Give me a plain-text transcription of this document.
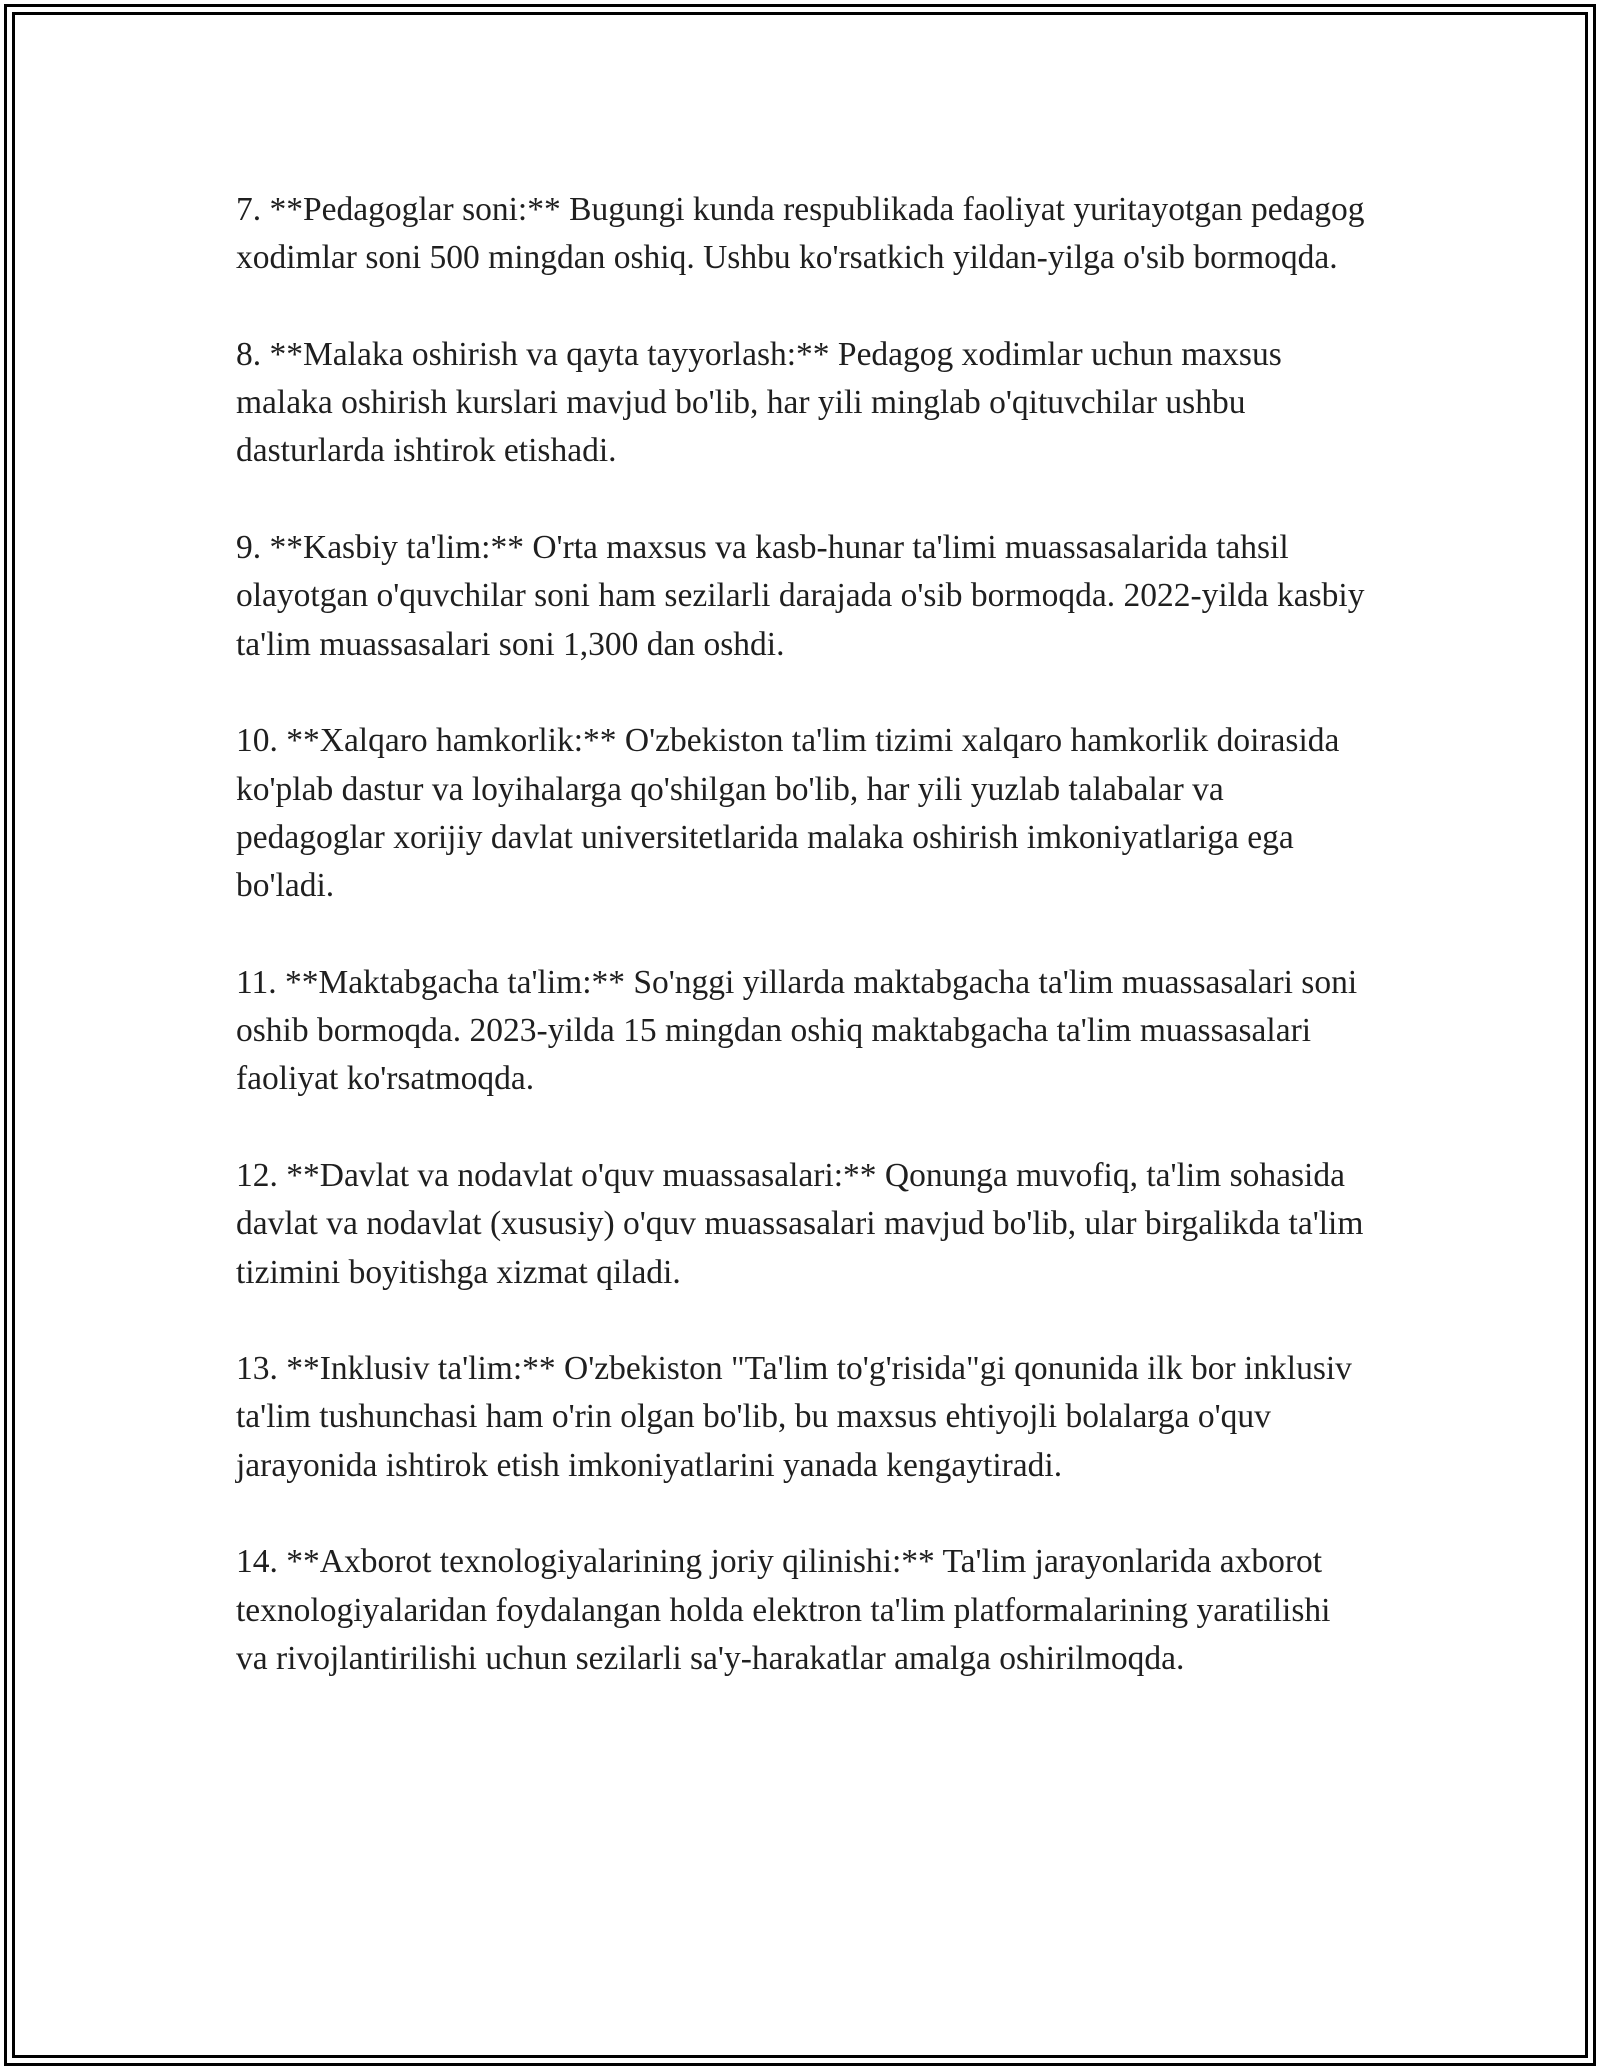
7. **Pedagoglar soni:** Bugungi kunda respublikada faoliyat yuritayotgan pedagog xodimlar soni 500 mingdan oshiq. Ushbu ko'rsatkich yildan-yilga o'sib bormoqda.

8. **Malaka oshirish va qayta tayyorlash:** Pedagog xodimlar uchun maxsus malaka oshirish kurslari mavjud bo'lib, har yili minglab o'qituvchilar ushbu dasturlarda ishtirok etishadi.

9. **Kasbiy ta'lim:** O'rta maxsus va kasb-hunar ta'limi muassasalarida tahsil olayotgan o'quvchilar soni ham sezilarli darajada o'sib bormoqda. 2022-yilda kasbiy ta'lim muassasalari soni 1,300 dan oshdi.

10. **Xalqaro hamkorlik:** O'zbekiston ta'lim tizimi xalqaro hamkorlik doirasida ko'plab dastur va loyihalarga qo'shilgan bo'lib, har yili yuzlab talabalar va pedagoglar xorijiy davlat universitetlarida malaka oshirish imkoniyatlariga ega bo'ladi.

11. **Maktabgacha ta'lim:** So'nggi yillarda maktabgacha ta'lim muassasalari soni oshib bormoqda. 2023-yilda 15 mingdan oshiq maktabgacha ta'lim muassasalari faoliyat ko'rsatmoqda.

12. **Davlat va nodavlat o'quv muassasalari:** Qonunga muvofiq, ta'lim sohasida davlat va nodavlat (xususiy) o'quv muassasalari mavjud bo'lib, ular birgalikda ta'lim tizimini boyitishga xizmat qiladi.

13. **Inklusiv ta'lim:** O'zbekiston "Ta'lim to'g'risida"gi qonunida ilk bor inklusiv ta'lim tushunchasi ham o'rin olgan bo'lib, bu maxsus ehtiyojli bolalarga o'quv jarayonida ishtirok etish imkoniyatlarini yanada kengaytiradi.

14. **Axborot texnologiyalarining joriy qilinishi:** Ta'lim jarayonlarida axborot texnologiyalaridan foydalangan holda elektron ta'lim platformalarining yaratilishi va rivojlantirilishi uchun sezilarli sa'y-harakatlar amalga oshirilmoqda.
